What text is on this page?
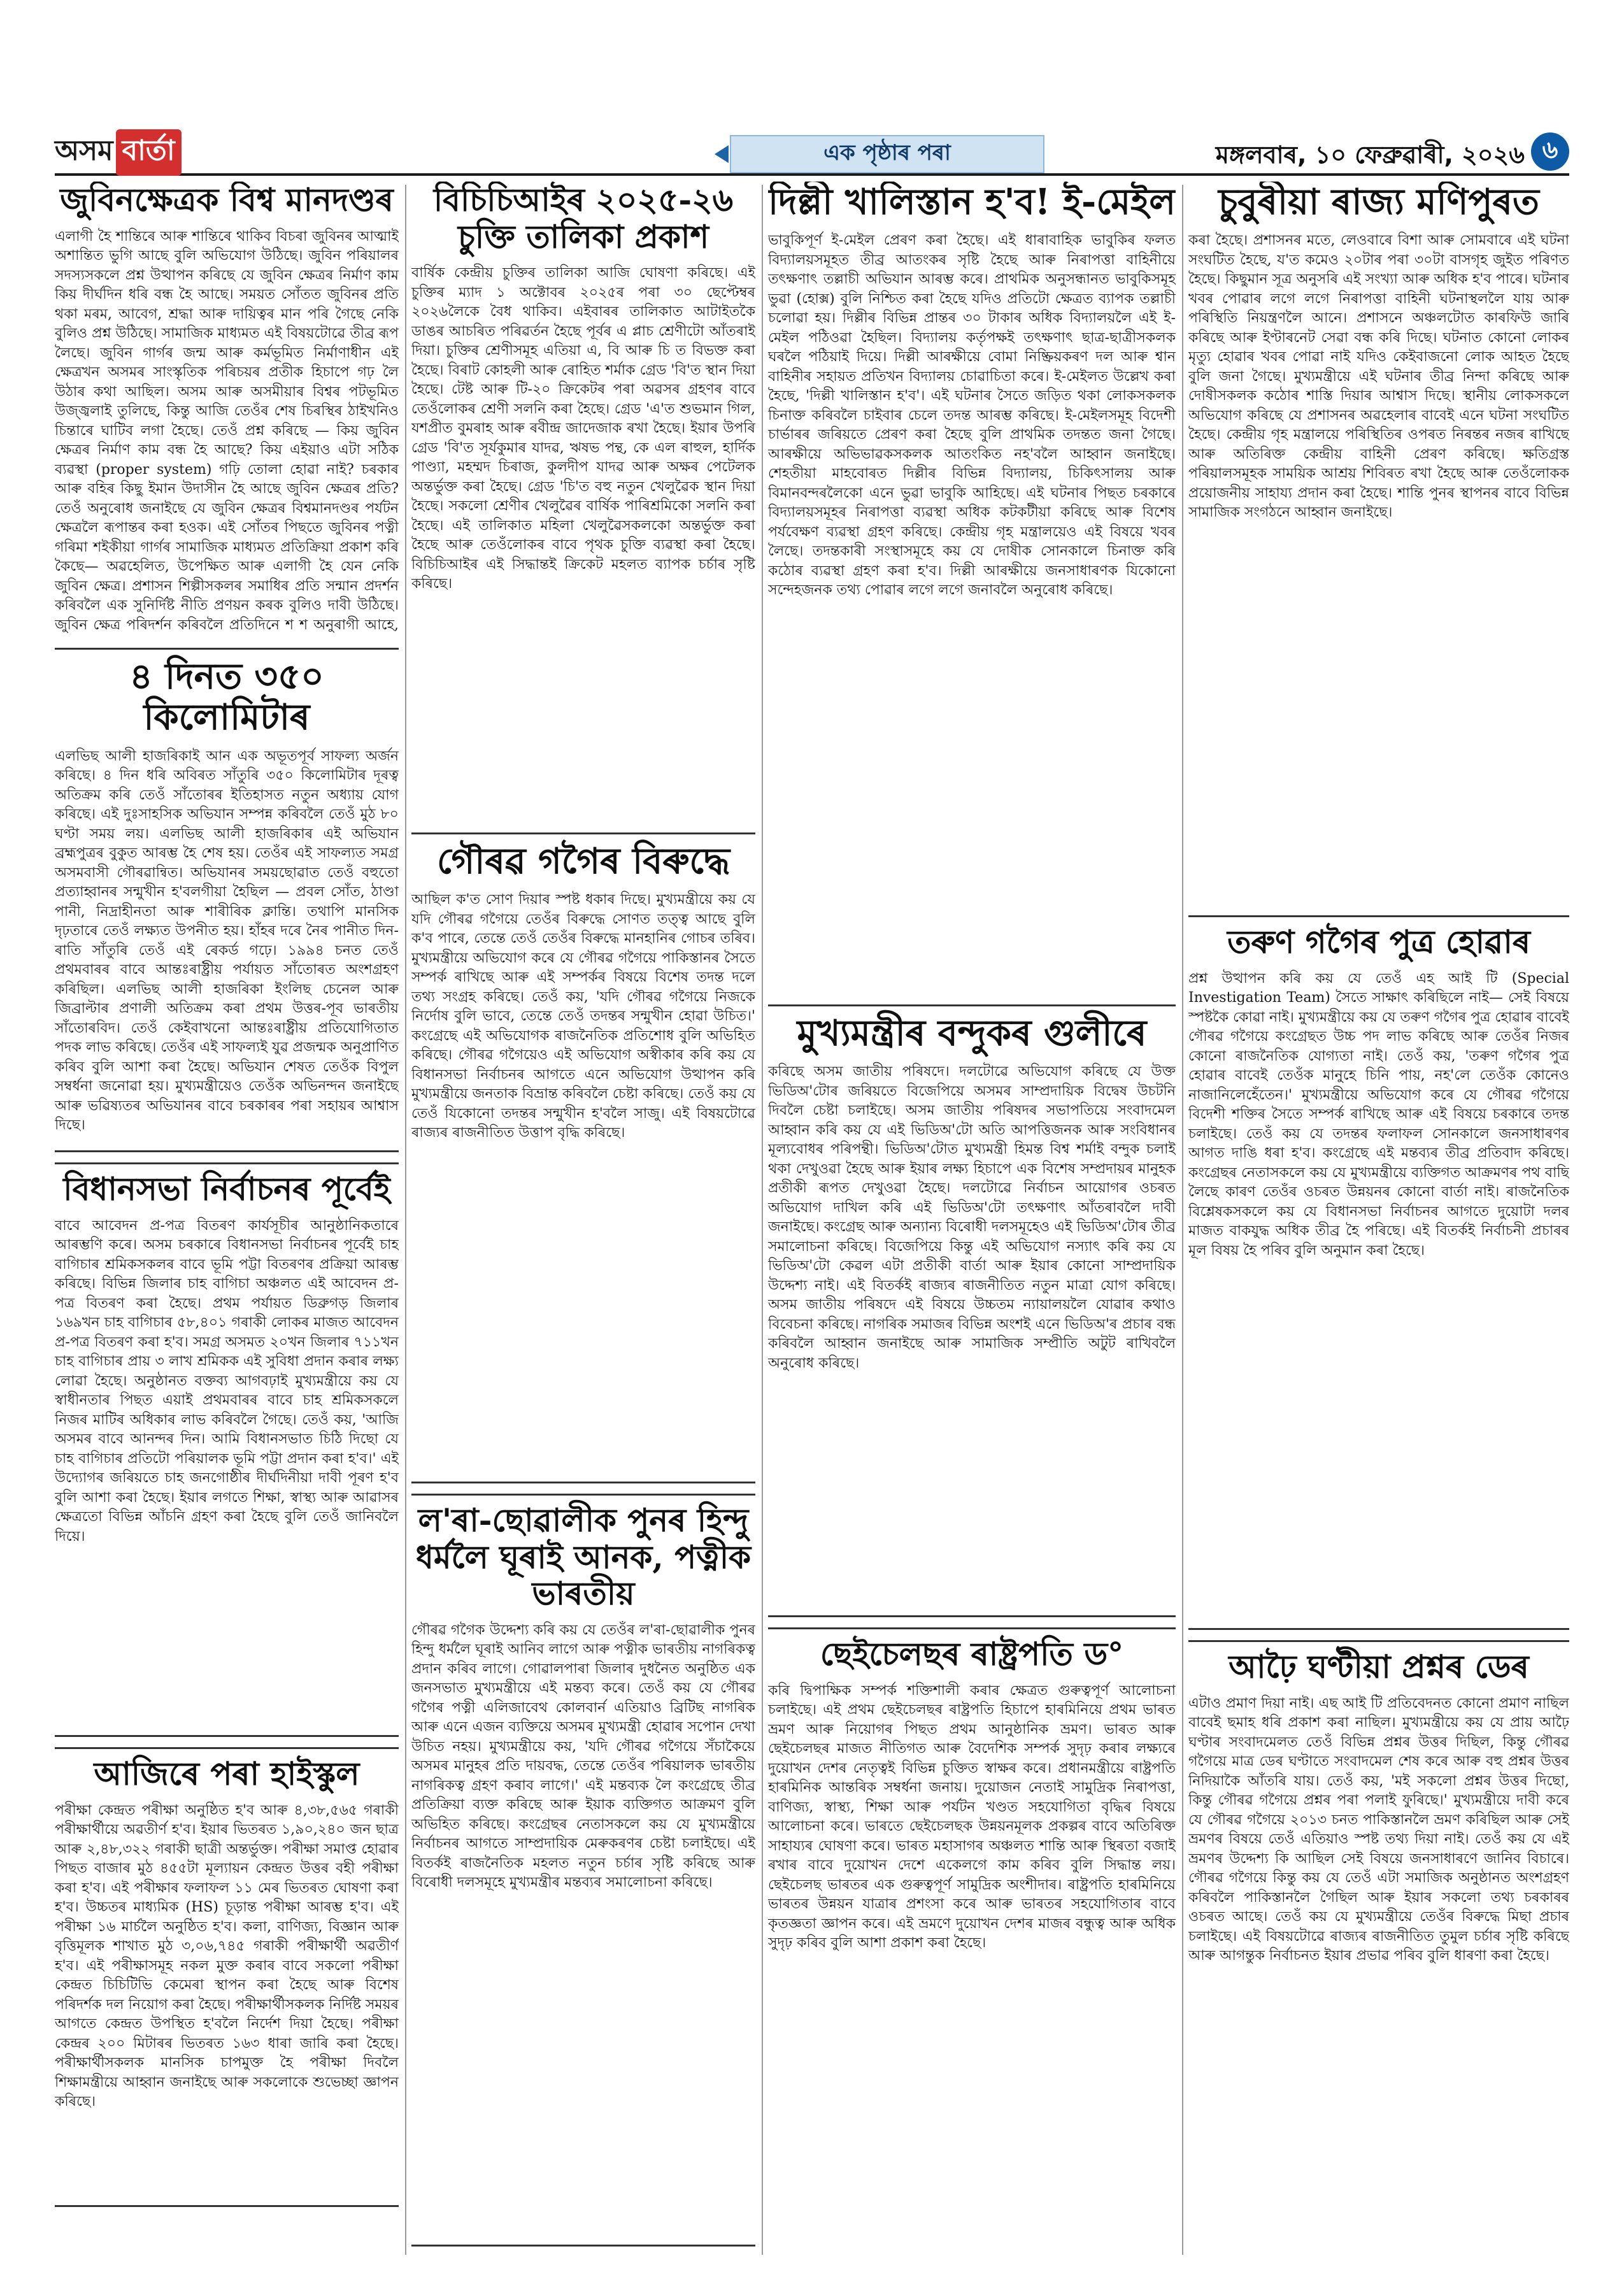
অসম বাৰ্তা	এক পৃষ্ঠাৰ পৰা	মঙ্গলবাৰ, ১০ ফেব্ৰুৱাৰী, ২০২৬ ৬
জুবিনক্ষেত্ৰক বিশ্ব মানদণ্ডৰ
এলাগী হৈ শান্তিৰে আৰু শান্তিৰে থাকিব বিচৰা জুবিনৰ আত্মাই অশান্তিত ভুগি আছে বুলি অভিযোগ উঠিছে। জুবিন পৰিয়ালৰ সদস্যসকলে প্ৰশ্ন উত্থাপন কৰিছে যে জুবিন ক্ষেত্ৰৰ নিৰ্মাণ কাম কিয় দীৰ্ঘদিন ধৰি বন্ধ হৈ আছে। সময়ত সোঁতত জুবিনৰ প্ৰতি থকা মৰম, আবেগ, শ্ৰদ্ধা আৰু দায়িত্বৰ মান পৰি গৈছে নেকি বুলিও প্ৰশ্ন উঠিছে। সামাজিক মাধ্যমত এই বিষয়টোৱে তীব্ৰ ৰূপ লৈছে। জুবিন গাৰ্গৰ জন্ম আৰু কৰ্মভূমিত নিৰ্মাণাধীন এই ক্ষেত্ৰখন অসমৰ সাংস্কৃতিক পৰিচয়ৰ প্ৰতীক হিচাপে গঢ় লৈ উঠাৰ কথা আছিল। অসম আৰু অসমীয়াৰ বিশ্বৰ পটভূমিত উজ্জ্বলাই তুলিছে, কিন্তু আজি তেওঁৰ শেষ চিৰস্থিৰ ঠাইখনিও চিন্তাৰে ঘাটিব লগা হৈছে। তেওঁ প্ৰশ্ন কৰিছে — কিয় জুবিন ক্ষেত্ৰৰ নিৰ্মাণ কাম বন্ধ হৈ আছে? কিয় এইয়াও এটা সঠিক ব্যৱস্থা (proper system) গঢ়ি তোলা হোৱা নাই? চৰকাৰ আৰু বহিৰ কিছু ইমান উদাসীন হৈ আছে জুবিন ক্ষেত্ৰৰ প্ৰতি? তেওঁ অনুৰোধ জনাইছে যে জুবিন ক্ষেত্ৰৰ বিশ্বমানদণ্ডৰ পৰ্যটন ক্ষেত্ৰলৈ ৰূপান্তৰ কৰা হওক। এই সোঁতৰ পিছতে জুবিনৰ পত্নী গৰিমা শইকীয়া গাৰ্গৰ সামাজিক মাধ্যমত প্ৰতিক্ৰিয়া প্ৰকাশ কৰি কৈছে— অৱহেলিত, উপেক্ষিত আৰু এলাগী হৈ যেন নেকি জুবিন ক্ষেত্ৰ। প্ৰশাসন শিল্পীসকলৰ সমাধিৰ প্ৰতি সন্মান প্ৰদৰ্শন কৰিবলৈ এক সুনিৰ্দিষ্ট নীতি প্ৰণয়ন কৰক বুলিও দাবী উঠিছে। জুবিন ক্ষেত্ৰ পৰিদৰ্শন কৰিবলৈ প্ৰতিদিনে শ শ অনুৰাগী আহে,
৪ দিনত ৩৫০ কিলোমিটাৰ
এলভিছ আলী হাজৰিকাই আন এক অভূতপূৰ্ব সাফল্য অৰ্জন কৰিছে। ৪ দিন ধৰি অবিৰত সাঁতুৰি ৩৫০ কিলোমিটাৰ দূৰত্ব অতিক্ৰম কৰি তেওঁ সাঁতোৰৰ ইতিহাসত নতুন অধ্যায় যোগ কৰিছে। এই দুঃসাহসিক অভিযান সম্পন্ন কৰিবলৈ তেওঁ মুঠ ৮০ ঘণ্টা সময় লয়। এলভিছ আলী হাজৰিকাৰ এই অভিযান ব্ৰহ্মপুত্ৰৰ বুকুত আৰম্ভ হৈ শেষ হয়। তেওঁৰ এই সাফল্যত সমগ্ৰ অসমবাসী গৌৰৱান্বিত। অভিযানৰ সময়ছোৱাত তেওঁ বহুতো প্ৰত্যাহ্বানৰ সন্মুখীন হ'বলগীয়া হৈছিল — প্ৰবল সোঁত, ঠাণ্ডা পানী, নিদ্ৰাহীনতা আৰু শাৰীৰিক ক্লান্তি। তথাপি মানসিক দৃঢ়তাৰে তেওঁ লক্ষ্যত উপনীত হয়। হাঁহৰ দৰে নৈৰ পানীত দিন-ৰাতি সাঁতুৰি তেওঁ এই ৰেকৰ্ড গঢ়ে। ১৯৯৪ চনত তেওঁ প্ৰথমবাৰৰ বাবে আন্তঃৰাষ্ট্ৰীয় পৰ্যায়ত সাঁতোৰত অংশগ্ৰহণ কৰিছিল। এলভিছ আলী হাজৰিকা ইংলিছ চেনেল আৰু জিব্ৰাল্টাৰ প্ৰণালী অতিক্ৰম কৰা প্ৰথম উত্তৰ-পূব ভাৰতীয় সাঁতোৰবিদ। তেওঁ কেইবাখনো আন্তঃৰাষ্ট্ৰীয় প্ৰতিযোগিতাত পদক লাভ কৰিছে। তেওঁৰ এই সাফল্যই যুৱ প্ৰজন্মক অনুপ্ৰাণিত কৰিব বুলি আশা কৰা হৈছে। অভিযান শেষত তেওঁক বিপুল সম্বৰ্ধনা জনোৱা হয়। মুখ্যমন্ত্ৰীয়েও তেওঁক অভিনন্দন জনাইছে আৰু ভৱিষ্যতৰ অভিযানৰ বাবে চৰকাৰৰ পৰা সহায়ৰ আশ্বাস দিছে।
বিধানসভা নিৰ্বাচনৰ পূৰ্বেই
বাবে আবেদন প্ৰ-পত্ৰ বিতৰণ কাৰ্যসূচীৰ আনুষ্ঠানিকতাৰে আৰম্ভণি কৰে। অসম চৰকাৰে বিধানসভা নিৰ্বাচনৰ পূৰ্বেই চাহ বাগিচাৰ শ্ৰমিকসকলৰ বাবে ভূমি পট্টা বিতৰণৰ প্ৰক্ৰিয়া আৰম্ভ কৰিছে। বিভিন্ন জিলাৰ চাহ বাগিচা অঞ্চলত এই আবেদন প্ৰ-পত্ৰ বিতৰণ কৰা হৈছে। প্ৰথম পৰ্যায়ত ডিব্ৰুগড় জিলাৰ ১৬৯খন চাহ বাগিচাৰ ৫৮,৪০১ গৰাকী লোকৰ মাজত আবেদন প্ৰ-পত্ৰ বিতৰণ কৰা হ'ব। সমগ্ৰ অসমত ২০খন জিলাৰ ৭১১খন চাহ বাগিচাৰ প্ৰায় ৩ লাখ শ্ৰমিকক এই সুবিধা প্ৰদান কৰাৰ লক্ষ্য লোৱা হৈছে। অনুষ্ঠানত বক্তব্য আগবঢ়াই মুখ্যমন্ত্ৰীয়ে কয় যে স্বাধীনতাৰ পিছত এয়াই প্ৰথমবাৰৰ বাবে চাহ শ্ৰমিকসকলে নিজৰ মাটিৰ অধিকাৰ লাভ কৰিবলৈ গৈছে। তেওঁ কয়, 'আজি অসমৰ বাবে আনন্দৰ দিন। আমি বিধানসভাত চিঠি দিছো যে চাহ বাগিচাৰ প্ৰতিটো পৰিয়ালক ভূমি পট্টা প্ৰদান কৰা হ'ব।' এই উদ্যোগৰ জৰিয়তে চাহ জনগোষ্ঠীৰ দীৰ্ঘদিনীয়া দাবী পূৰণ হ'ব বুলি আশা কৰা হৈছে। ইয়াৰ লগতে শিক্ষা, স্বাস্থ্য আৰু আৱাসৰ ক্ষেত্ৰতো বিভিন্ন আঁচনি গ্ৰহণ কৰা হৈছে বুলি তেওঁ জানিবলৈ দিয়ে।
আজিৰে পৰা হাইস্কুল
পৰীক্ষা কেন্দ্ৰত পৰীক্ষা অনুষ্ঠিত হ'ব আৰু ৪,৩৮,৫৬৫ গৰাকী পৰীক্ষাৰ্থীয়ে অৱতীৰ্ণ হ'ব। ইয়াৰ ভিতৰত ১,৯০,২৪০ জন ছাত্ৰ আৰু ২,৪৮,৩২২ গৰাকী ছাত্ৰী অন্তৰ্ভুক্ত। পৰীক্ষা সমাপ্ত হোৱাৰ পিছত বাজাৰ মুঠ ৪৫৫টা মূল্যায়ন কেন্দ্ৰত উত্তৰ বহী পৰীক্ষা কৰা হ'ব। এই পৰীক্ষাৰ ফলাফল ১১ মেৰ ভিতৰত ঘোষণা কৰা হ'ব। উচ্চতৰ মাধ্যমিক (HS) চূড়ান্ত পৰীক্ষা আৰম্ভ হ'ব। এই পৰীক্ষা ১৬ মাৰ্চলৈ অনুষ্ঠিত হ'ব। কলা, বাণিজ্য, বিজ্ঞান আৰু বৃত্তিমূলক শাখাত মুঠ ৩,০৬,৭৪৫ গৰাকী পৰীক্ষাৰ্থী অৱতীৰ্ণ হ'ব। এই পৰীক্ষাসমূহ নকল মুক্ত কৰাৰ বাবে সকলো পৰীক্ষা কেন্দ্ৰত চিচিটিভি কেমেৰা স্থাপন কৰা হৈছে আৰু বিশেষ পৰিদৰ্শক দল নিয়োগ কৰা হৈছে। পৰীক্ষাৰ্থীসকলক নিৰ্দিষ্ট সময়ৰ আগতে কেন্দ্ৰত উপস্থিত হ'বলৈ নিৰ্দেশ দিয়া হৈছে। পৰীক্ষা কেন্দ্ৰৰ ২০০ মিটাৰৰ ভিতৰত ১৬৩ ধাৰা জাৰি কৰা হৈছে। পৰীক্ষাৰ্থীসকলক মানসিক চাপমুক্ত হৈ পৰীক্ষা দিবলৈ শিক্ষামন্ত্ৰীয়ে আহ্বান জনাইছে আৰু সকলোকে শুভেচ্ছা জ্ঞাপন কৰিছে।
বিচিচিআইৰ ২০২৫-২৬ চুক্তি তালিকা প্ৰকাশ
বাৰ্ষিক কেন্দ্ৰীয় চুক্তিৰ তালিকা আজি ঘোষণা কৰিছে। এই চুক্তিৰ ম্যাদ ১ অক্টোবৰ ২০২৫ৰ পৰা ৩০ ছেপ্টেম্বৰ ২০২৬লৈকে বৈধ থাকিব। এইবাৰৰ তালিকাত আটাইতকৈ ডাঙৰ আচৰিত পৰিৱৰ্তন হৈছে পূৰ্বৰ এ প্লাচ শ্ৰেণীটো আঁতৰাই দিয়া। চুক্তিৰ শ্ৰেণীসমূহ এতিয়া এ, বি আৰু চি ত বিভক্ত কৰা হৈছে। বিৰাট কোহলী আৰু ৰোহিত শৰ্মাক গ্ৰেড 'বি'ত স্থান দিয়া হৈছে। টেষ্ট আৰু টি-২০ ক্ৰিকেটৰ পৰা অৱসৰ গ্ৰহণৰ বাবে তেওঁলোকৰ শ্ৰেণী সলনি কৰা হৈছে। গ্ৰেড 'এ'ত শুভমান গিল, যশপ্ৰীত বুমৰাহ আৰু ৰবীন্দ্ৰ জাদেজাক ৰখা হৈছে। ইয়াৰ উপৰি গ্ৰেড 'বি'ত সূৰ্যকুমাৰ যাদৱ, ঋষভ পন্থ, কে এল ৰাহুল, হাৰ্দিক পাণ্ড্যা, মহম্মদ চিৰাজ, কুলদীপ যাদৱ আৰু অক্ষৰ পেটেলক অন্তৰ্ভুক্ত কৰা হৈছে। গ্ৰেড 'চি'ত বহু নতুন খেলুৱৈক স্থান দিয়া হৈছে। সকলো শ্ৰেণীৰ খেলুৱৈৰ বাৰ্ষিক পাৰিশ্ৰমিকো সলনি কৰা হৈছে। এই তালিকাত মহিলা খেলুৱৈসকলকো অন্তৰ্ভুক্ত কৰা হৈছে আৰু তেওঁলোকৰ বাবে পৃথক চুক্তি ব্যৱস্থা কৰা হৈছে। বিচিচিআইৰ এই সিদ্ধান্তই ক্ৰিকেট মহলত ব্যাপক চৰ্চাৰ সৃষ্টি কৰিছে।
গৌৰৱ গগৈৰ বিৰুদ্ধে
আছিল ক'ত সোণ দিয়াৰ স্পষ্ট ধকাৰ দিছে। মুখ্যমন্ত্ৰীয়ে কয় যে যদি গৌৰৱ গগৈয়ে তেওঁৰ বিৰুদ্ধে সোণত তত্ত্ব আছে বুলি ক'ব পাৰে, তেন্তে তেওঁ তেওঁৰ বিৰুদ্ধে মানহানিৰ গোচৰ তৰিব। মুখ্যমন্ত্ৰীয়ে অভিযোগ কৰে যে গৌৰৱ গগৈয়ে পাকিস্তানৰ সৈতে সম্পৰ্ক ৰাখিছে আৰু এই সম্পৰ্কৰ বিষয়ে বিশেষ তদন্ত দলে তথ্য সংগ্ৰহ কৰিছে। তেওঁ কয়, 'যদি গৌৰৱ গগৈয়ে নিজকে নিৰ্দোষ বুলি ভাবে, তেন্তে তেওঁ তদন্তৰ সন্মুখীন হোৱা উচিত।' কংগ্ৰেছে এই অভিযোগক ৰাজনৈতিক প্ৰতিশোধ বুলি অভিহিত কৰিছে। গৌৰৱ গগৈয়েও এই অভিযোগ অস্বীকাৰ কৰি কয় যে বিধানসভা নিৰ্বাচনৰ আগতে এনে অভিযোগ উত্থাপন কৰি মুখ্যমন্ত্ৰীয়ে জনতাক বিভ্ৰান্ত কৰিবলৈ চেষ্টা কৰিছে। তেওঁ কয় যে তেওঁ যিকোনো তদন্তৰ সন্মুখীন হ'বলৈ সাজু। এই বিষয়টোৱে ৰাজ্যৰ ৰাজনীতিত উত্তাপ বৃদ্ধি কৰিছে।
ল'ৰা-ছোৱালীক পুনৰ হিন্দু ধৰ্মলৈ ঘূৰাই আনক, পত্নীক ভাৰতীয়
গৌৰৱ গগৈক উদ্দেশ্য কৰি কয় যে তেওঁৰ ল'ৰা-ছোৱালীক পুনৰ হিন্দু ধৰ্মলৈ ঘূৰাই আনিব লাগে আৰু পত্নীক ভাৰতীয় নাগৰিকত্ব প্ৰদান কৰিব লাগে। গোৱালপাৰা জিলাৰ দুধনৈত অনুষ্ঠিত এক জনসভাত মুখ্যমন্ত্ৰীয়ে এই মন্তব্য কৰে। তেওঁ কয় যে গৌৰৱ গগৈৰ পত্নী এলিজাবেথ কোলবাৰ্ন এতিয়াও ব্ৰিটিছ নাগৰিক আৰু এনে এজন ব্যক্তিয়ে অসমৰ মুখ্যমন্ত্ৰী হোৱাৰ সপোন দেখা উচিত নহয়। মুখ্যমন্ত্ৰীয়ে কয়, 'যদি গৌৰৱ গগৈয়ে সঁচাকৈয়ে অসমৰ মানুহৰ প্ৰতি দায়বদ্ধ, তেন্তে তেওঁৰ পৰিয়ালক ভাৰতীয় নাগৰিকত্ব গ্ৰহণ কৰাব লাগে।' এই মন্তব্যক লৈ কংগ্ৰেছে তীব্ৰ প্ৰতিক্ৰিয়া ব্যক্ত কৰিছে আৰু ইয়াক ব্যক্তিগত আক্ৰমণ বুলি অভিহিত কৰিছে। কংগ্ৰেছৰ নেতাসকলে কয় যে মুখ্যমন্ত্ৰীয়ে নিৰ্বাচনৰ আগতে সাম্প্ৰদায়িক মেৰুকৰণৰ চেষ্টা চলাইছে। এই বিতৰ্কই ৰাজনৈতিক মহলত নতুন চৰ্চাৰ সৃষ্টি কৰিছে আৰু বিৰোধী দলসমূহে মুখ্যমন্ত্ৰীৰ মন্তব্যৰ সমালোচনা কৰিছে।
দিল্লী খালিস্তান হ'ব! ই-মেইল
ভাবুকিপূৰ্ণ ই-মেইল প্ৰেৰণ কৰা হৈছে। এই ধাৰাবাহিক ভাবুকিৰ ফলত বিদ্যালয়সমূহত তীব্ৰ আতংকৰ সৃষ্টি হৈছে আৰু নিৰাপত্তা বাহিনীয়ে তৎক্ষণাৎ তল্লাচী অভিযান আৰম্ভ কৰে। প্ৰাথমিক অনুসন্ধানত ভাবুকিসমূহ ভুৱা (হোক্স) বুলি নিশ্চিত কৰা হৈছে যদিও প্ৰতিটো ক্ষেত্ৰত ব্যাপক তল্লাচী চলোৱা হয়। দিল্লীৰ বিভিন্ন প্ৰান্তৰ ৩০ টাকাৰ অধিক বিদ্যালয়লৈ এই ই-মেইল পঠিওৱা হৈছিল। বিদ্যালয় কৰ্তৃপক্ষই তৎক্ষণাৎ ছাত্ৰ-ছাত্ৰীসকলক ঘৰলৈ পঠিয়াই দিয়ে। দিল্লী আৰক্ষীয়ে বোমা নিষ্ক্ৰিয়কৰণ দল আৰু শ্বান বাহিনীৰ সহায়ত প্ৰতিখন বিদ্যালয় চোৱাচিতা কৰে। ই-মেইলত উল্লেখ কৰা হৈছে, 'দিল্লী খালিস্তান হ'ব'। এই ঘটনাৰ সৈতে জড়িত থকা লোকসকলক চিনাক্ত কৰিবলৈ চাইবাৰ চেলে তদন্ত আৰম্ভ কৰিছে। ই-মেইলসমূহ বিদেশী চাৰ্ভাৰৰ জৰিয়তে প্ৰেৰণ কৰা হৈছে বুলি প্ৰাথমিক তদন্তত জনা গৈছে। আৰক্ষীয়ে অভিভাৱকসকলক আতংকিত নহ'বলৈ আহ্বান জনাইছে। শেহতীয়া মাহবোৰত দিল্লীৰ বিভিন্ন বিদ্যালয়, চিকিৎসালয় আৰু বিমানবন্দৰলৈকো এনে ভুৱা ভাবুকি আহিছে। এই ঘটনাৰ পিছত চৰকাৰে বিদ্যালয়সমূহৰ নিৰাপত্তা ব্যৱস্থা অধিক কটকটীয়া কৰিছে আৰু বিশেষ পৰ্যবেক্ষণ ব্যৱস্থা গ্ৰহণ কৰিছে। কেন্দ্ৰীয় গৃহ মন্ত্ৰালয়েও এই বিষয়ে খবৰ লৈছে। তদন্তকাৰী সংস্থাসমূহে কয় যে দোষীক সোনকালে চিনাক্ত কৰি কঠোৰ ব্যৱস্থা গ্ৰহণ কৰা হ'ব। দিল্লী আৰক্ষীয়ে জনসাধাৰণক যিকোনো সন্দেহজনক তথ্য পোৱাৰ লগে লগে জনাবলৈ অনুৰোধ কৰিছে।
মুখ্যমন্ত্ৰীৰ বন্দুকৰ গুলীৰে
কৰিছে অসম জাতীয় পৰিষদে। দলটোৱে অভিযোগ কৰিছে যে উক্ত ভিডিঅ'টোৰ জৰিয়তে বিজেপিয়ে অসমৰ সাম্প্ৰদায়িক বিদ্বেষ উচটনি দিবলৈ চেষ্টা চলাইছে। অসম জাতীয় পৰিষদৰ সভাপতিয়ে সংবাদমেল আহ্বান কৰি কয় যে এই ভিডিঅ'টো অতি আপত্তিজনক আৰু সংবিধানৰ মূল্যবোধৰ পৰিপন্থী। ভিডিঅ'টোত মুখ্যমন্ত্ৰী হিমন্ত বিশ্ব শৰ্মাই বন্দুক চলাই থকা দেখুওৱা হৈছে আৰু ইয়াৰ লক্ষ্য হিচাপে এক বিশেষ সম্প্ৰদায়ৰ মানুহক প্ৰতীকী ৰূপত দেখুওৱা হৈছে। দলটোৱে নিৰ্বাচন আয়োগৰ ওচৰত অভিযোগ দাখিল কৰি এই ভিডিঅ'টো তৎক্ষণাৎ আঁতৰাবলৈ দাবী জনাইছে। কংগ্ৰেছ আৰু অন্যান্য বিৰোধী দলসমূহেও এই ভিডিঅ'টোৰ তীব্ৰ সমালোচনা কৰিছে। বিজেপিয়ে কিন্তু এই অভিযোগ নস্যাৎ কৰি কয় যে ভিডিঅ'টো কেৱল এটা প্ৰতীকী বাৰ্তা আৰু ইয়াৰ কোনো সাম্প্ৰদায়িক উদ্দেশ্য নাই। এই বিতৰ্কই ৰাজ্যৰ ৰাজনীতিত নতুন মাত্ৰা যোগ কৰিছে। অসম জাতীয় পৰিষদে এই বিষয়ে উচ্চতম ন্যায়ালয়লৈ যোৱাৰ কথাও বিবেচনা কৰিছে। নাগৰিক সমাজৰ বিভিন্ন অংশই এনে ভিডিঅ'ৰ প্ৰচাৰ বন্ধ কৰিবলৈ আহ্বান জনাইছে আৰু সামাজিক সম্প্ৰীতি অটুট ৰাখিবলৈ অনুৰোধ কৰিছে।
ছেইচেলছৰ ৰাষ্ট্ৰপতি ড°
কৰি দ্বিপাক্ষিক সম্পৰ্ক শক্তিশালী কৰাৰ ক্ষেত্ৰত গুৰুত্বপূৰ্ণ আলোচনা চলাইছে। এই প্ৰথম ছেইচেলছৰ ৰাষ্ট্ৰপতি হিচাপে হাৰমিনিয়ে প্ৰথম ভাৰত ভ্ৰমণ আৰু নিয়োগৰ পিছত প্ৰথম আনুষ্ঠানিক ভ্ৰমণ। ভাৰত আৰু ছেইচেলছৰ মাজত নীতিগত আৰু বৈদেশিক সম্পৰ্ক সুদৃঢ় কৰাৰ লক্ষ্যৰে দুয়োখন দেশৰ নেতৃত্বই বিভিন্ন চুক্তিত স্বাক্ষৰ কৰে। প্ৰধানমন্ত্ৰীয়ে ৰাষ্ট্ৰপতি হাৰমিনিক আন্তৰিক সম্বৰ্ধনা জনায়। দুয়োজন নেতাই সামুদ্ৰিক নিৰাপত্তা, বাণিজ্য, স্বাস্থ্য, শিক্ষা আৰু পৰ্যটন খণ্ডত সহযোগিতা বৃদ্ধিৰ বিষয়ে আলোচনা কৰে। ভাৰতে ছেইচেলছক উন্নয়নমূলক প্ৰকল্পৰ বাবে অতিৰিক্ত সাহায্যৰ ঘোষণা কৰে। ভাৰত মহাসাগৰ অঞ্চলত শান্তি আৰু স্থিৰতা বজাই ৰখাৰ বাবে দুয়োখন দেশে একেলগে কাম কৰিব বুলি সিদ্ধান্ত লয়। ছেইচেলছ ভাৰতৰ এক গুৰুত্বপূৰ্ণ সামুদ্ৰিক অংশীদাৰ। ৰাষ্ট্ৰপতি হাৰমিনিয়ে ভাৰতৰ উন্নয়ন যাত্ৰাৰ প্ৰশংসা কৰে আৰু ভাৰতৰ সহযোগিতাৰ বাবে কৃতজ্ঞতা জ্ঞাপন কৰে। এই ভ্ৰমণে দুয়োখন দেশৰ মাজৰ বন্ধুত্ব আৰু অধিক সুদৃঢ় কৰিব বুলি আশা প্ৰকাশ কৰা হৈছে।
চুবুৰীয়া ৰাজ্য মণিপুৰত
কৰা হৈছে। প্ৰশাসনৰ মতে, লেওবাৰে বিশা আৰু সোমবাৰে এই ঘটনা সংঘটিত হৈছে, য'ত কমেও ২০টাৰ পৰা ৩০টা বাসগৃহ জুইত পৰিণত হৈছে। কিছুমান সূত্ৰ অনুসৰি এই সংখ্যা আৰু অধিক হ'ব পাৰে। ঘটনাৰ খবৰ পোৱাৰ লগে লগে নিৰাপত্তা বাহিনী ঘটনাস্থললৈ যায় আৰু পৰিস্থিতি নিয়ন্ত্ৰণলৈ আনে। প্ৰশাসনে অঞ্চলটোত কাৰফিউ জাৰি কৰিছে আৰু ইণ্টাৰনেট সেৱা বন্ধ কৰি দিছে। ঘটনাত কোনো লোকৰ মৃত্যু হোৱাৰ খবৰ পোৱা নাই যদিও কেইবাজনো লোক আহত হৈছে বুলি জনা গৈছে। মুখ্যমন্ত্ৰীয়ে এই ঘটনাৰ তীব্ৰ নিন্দা কৰিছে আৰু দোষীসকলক কঠোৰ শাস্তি দিয়াৰ আশ্বাস দিছে। স্থানীয় লোকসকলে অভিযোগ কৰিছে যে প্ৰশাসনৰ অৱহেলাৰ বাবেই এনে ঘটনা সংঘটিত হৈছে। কেন্দ্ৰীয় গৃহ মন্ত্ৰালয়ে পৰিস্থিতিৰ ওপৰত নিৰন্তৰ নজৰ ৰাখিছে আৰু অতিৰিক্ত কেন্দ্ৰীয় বাহিনী প্ৰেৰণ কৰিছে। ক্ষতিগ্ৰস্ত পৰিয়ালসমূহক সাময়িক আশ্ৰয় শিবিৰত ৰখা হৈছে আৰু তেওঁলোকক প্ৰয়োজনীয় সাহায্য প্ৰদান কৰা হৈছে। শান্তি পুনৰ স্থাপনৰ বাবে বিভিন্ন সামাজিক সংগঠনে আহ্বান জনাইছে।
তৰুণ গগৈৰ পুত্ৰ হোৱাৰ
প্ৰশ্ন উত্থাপন কৰি কয় যে তেওঁ এহ আই টি (Special Investigation Team) সৈতে সাক্ষাৎ কৰিছিলে নাই— সেই বিষয়ে স্পষ্টকৈ কোৱা নাই। মুখ্যমন্ত্ৰীয়ে কয় যে তৰুণ গগৈৰ পুত্ৰ হোৱাৰ বাবেই গৌৰৱ গগৈয়ে কংগ্ৰেছত উচ্চ পদ লাভ কৰিছে আৰু তেওঁৰ নিজৰ কোনো ৰাজনৈতিক যোগ্যতা নাই। তেওঁ কয়, 'তৰুণ গগৈৰ পুত্ৰ হোৱাৰ বাবেই তেওঁক মানুহে চিনি পায়, নহ'লে তেওঁক কোনেও নাজানিলেহেঁতেন।' মুখ্যমন্ত্ৰীয়ে অভিযোগ কৰে যে গৌৰৱ গগৈয়ে বিদেশী শক্তিৰ সৈতে সম্পৰ্ক ৰাখিছে আৰু এই বিষয়ে চৰকাৰে তদন্ত চলাইছে। তেওঁ কয় যে তদন্তৰ ফলাফল সোনকালে জনসাধাৰণৰ আগত দাঙি ধৰা হ'ব। কংগ্ৰেছে এই মন্তব্যৰ তীব্ৰ প্ৰতিবাদ কৰিছে। কংগ্ৰেছৰ নেতাসকলে কয় যে মুখ্যমন্ত্ৰীয়ে ব্যক্তিগত আক্ৰমণৰ পথ বাছি লৈছে কাৰণ তেওঁৰ ওচৰত উন্নয়নৰ কোনো বাৰ্তা নাই। ৰাজনৈতিক বিশ্লেষকসকলে কয় যে বিধানসভা নিৰ্বাচনৰ আগতে দুয়োটা দলৰ মাজত বাকযুদ্ধ অধিক তীব্ৰ হৈ পৰিছে। এই বিতৰ্কই নিৰ্বাচনী প্ৰচাৰৰ মূল বিষয় হৈ পৰিব বুলি অনুমান কৰা হৈছে।
আঢ়ৈ ঘণ্টীয়া প্ৰশ্নৰ ডেৰ
এটাও প্ৰমাণ দিয়া নাই। এছ আই টি প্ৰতিবেদনত কোনো প্ৰমাণ নাছিল বাবেই ছমাহ ধৰি প্ৰকাশ কৰা নাছিল। মুখ্যমন্ত্ৰীয়ে কয় যে প্ৰায় আঢ়ৈ ঘণ্টাৰ সংবাদমেলত তেওঁ বিভিন্ন প্ৰশ্নৰ উত্তৰ দিছিল, কিন্তু গৌৰৱ গগৈয়ে মাত্ৰ ডেৰ ঘণ্টাতে সংবাদমেল শেষ কৰে আৰু বহু প্ৰশ্নৰ উত্তৰ নিদিয়াকৈ আঁতৰি যায়। তেওঁ কয়, 'মই সকলো প্ৰশ্নৰ উত্তৰ দিছো, কিন্তু গৌৰৱ গগৈয়ে প্ৰশ্নৰ পৰা পলাই ফুৰিছে।' মুখ্যমন্ত্ৰীয়ে দাবী কৰে যে গৌৰৱ গগৈয়ে ২০১৩ চনত পাকিস্তানলৈ ভ্ৰমণ কৰিছিল আৰু সেই ভ্ৰমণৰ বিষয়ে তেওঁ এতিয়াও স্পষ্ট তথ্য দিয়া নাই। তেওঁ কয় যে এই ভ্ৰমণৰ উদ্দেশ্য কি আছিল সেই বিষয়ে জনসাধাৰণে জানিব বিচাৰে। গৌৰৱ গগৈয়ে কিন্তু কয় যে তেওঁ এটা সমাজিক অনুষ্ঠানত অংশগ্ৰহণ কৰিবলৈ পাকিস্তানলৈ গৈছিল আৰু ইয়াৰ সকলো তথ্য চৰকাৰৰ ওচৰত আছে। তেওঁ কয় যে মুখ্যমন্ত্ৰীয়ে তেওঁৰ বিৰুদ্ধে মিছা প্ৰচাৰ চলাইছে। এই বিষয়টোৱে ৰাজ্যৰ ৰাজনীতিত তুমুল চৰ্চাৰ সৃষ্টি কৰিছে আৰু আগন্তুক নিৰ্বাচনত ইয়াৰ প্ৰভাৱ পৰিব বুলি ধাৰণা কৰা হৈছে।
